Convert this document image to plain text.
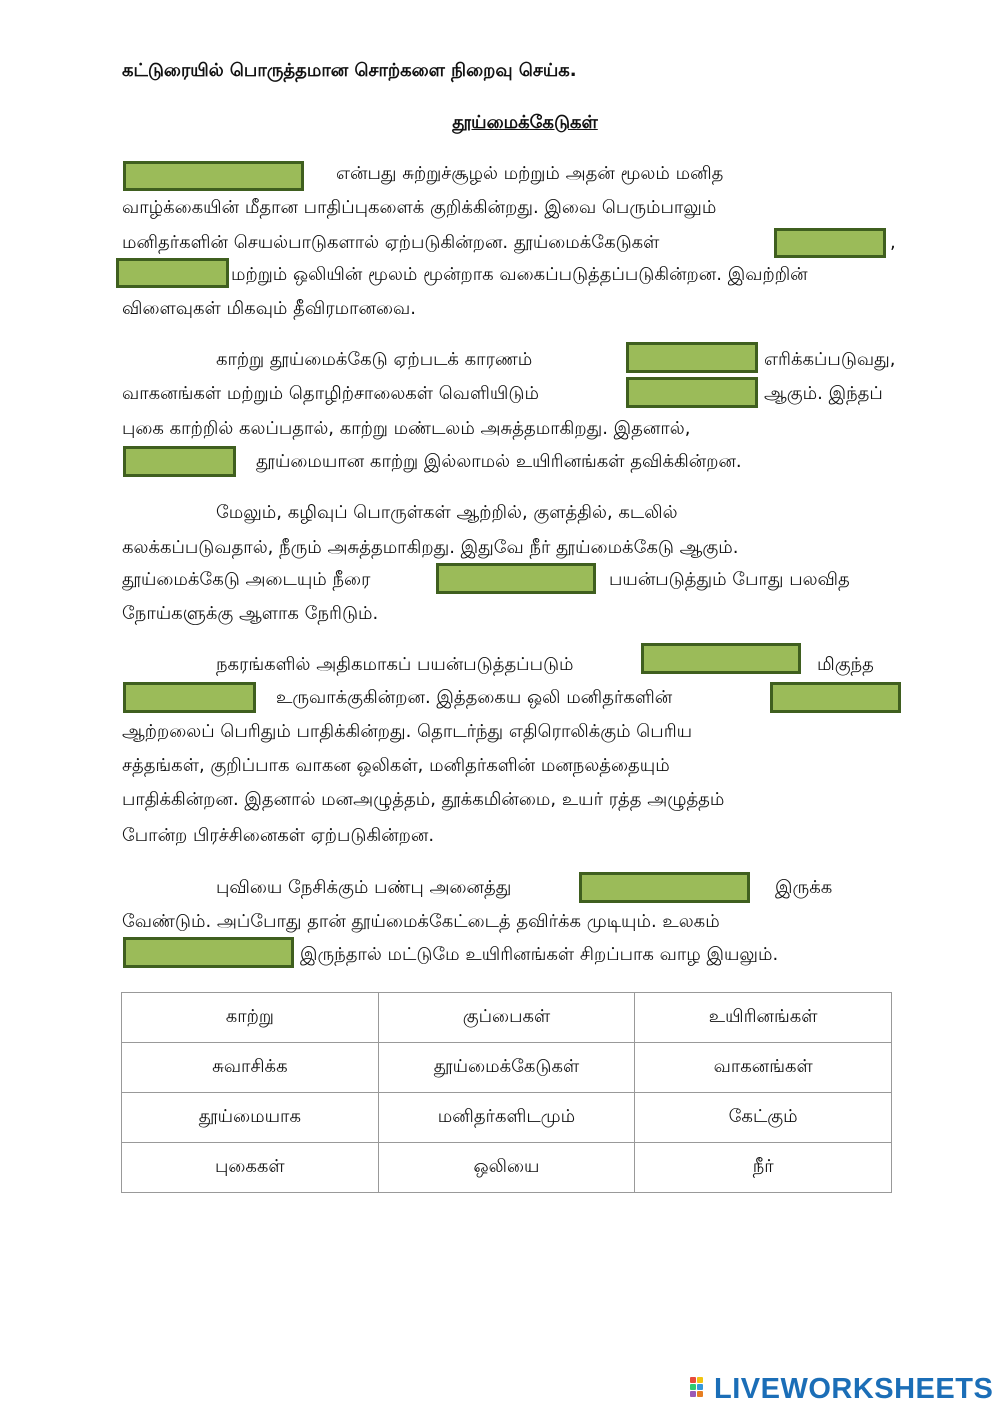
கட்டுரையில் பொருத்தமான சொற்களை நிறைவு செய்க.
தூய்மைக்கேடுகள்
என்பது சுற்றுச்சூழல் மற்றும் அதன் மூலம் மனித
வாழ்க்கையின் மீதான பாதிப்புகளைக் குறிக்கின்றது. இவை பெரும்பாலும்
மனிதர்களின் செயல்பாடுகளால் ஏற்படுகின்றன. தூய்மைக்கேடுகள்	,
மற்றும் ஒலியின் மூலம் மூன்றாக வகைப்படுத்தப்படுகின்றன. இவற்றின்
விளைவுகள் மிகவும் தீவிரமானவை.
காற்று தூய்மைக்கேடு ஏற்படக் காரணம்	எரிக்கப்படுவது,
வாகனங்கள் மற்றும் தொழிற்சாலைகள் வெளியிடும்	ஆகும். இந்தப்
புகை காற்றில் கலப்பதால், காற்று மண்டலம் அசுத்தமாகிறது. இதனால்,
தூய்மையான காற்று இல்லாமல் உயிரினங்கள் தவிக்கின்றன.
மேலும், கழிவுப் பொருள்கள் ஆற்றில், குளத்தில், கடலில்
கலக்கப்படுவதால், நீரும் அசுத்தமாகிறது. இதுவே நீர் தூய்மைக்கேடு ஆகும்.
தூய்மைக்கேடு அடையும் நீரை	பயன்படுத்தும் போது பலவித
நோய்களுக்கு ஆளாக நேரிடும்.
நகரங்களில் அதிகமாகப் பயன்படுத்தப்படும்	மிகுந்த
உருவாக்குகின்றன. இத்தகைய ஒலி மனிதர்களின்
ஆற்றலைப் பெரிதும் பாதிக்கின்றது. தொடர்ந்து எதிரொலிக்கும் பெரிய
சத்தங்கள், குறிப்பாக வாகன ஒலிகள், மனிதர்களின் மனநலத்தையும்
பாதிக்கின்றன. இதனால் மனஅழுத்தம், தூக்கமின்மை, உயர் ரத்த அழுத்தம்
போன்ற பிரச்சினைகள் ஏற்படுகின்றன.
புவியை நேசிக்கும் பண்பு அனைத்து	இருக்க
வேண்டும். அப்போது தான் தூய்மைக்கேட்டைத் தவிர்க்க முடியும். உலகம்
இருந்தால் மட்டுமே உயிரினங்கள் சிறப்பாக வாழ இயலும்.
காற்று	குப்பைகள்	உயிரினங்கள்
சுவாசிக்க	தூய்மைக்கேடுகள்	வாகனங்கள்
தூய்மையாக	மனிதர்களிடமும்	கேட்கும்
புகைகள்	ஒலியை	நீர்
LIVEWORKSHEETS
